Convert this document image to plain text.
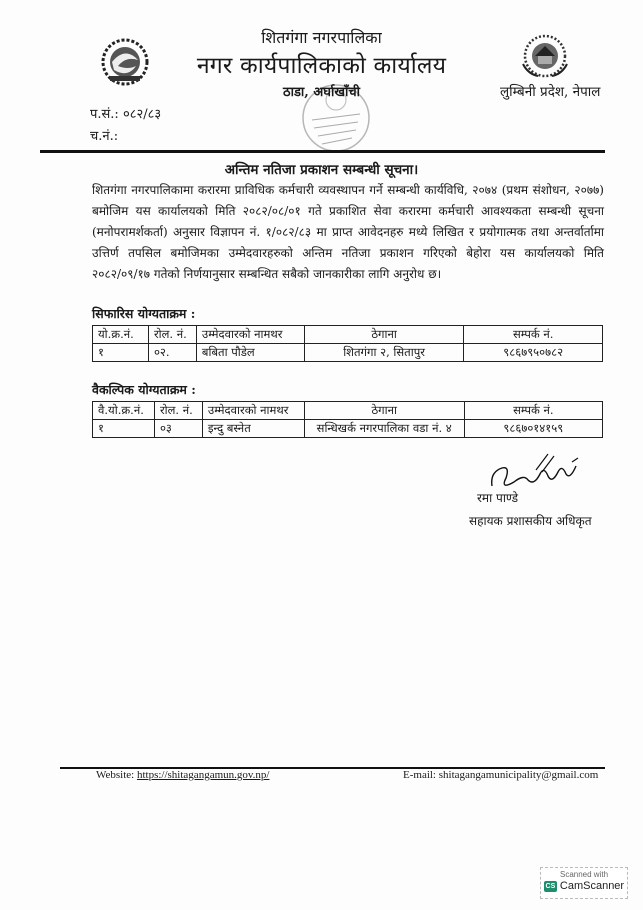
शितगंगा नगरपालिका
नगर कार्यपालिकाको कार्यालय
ठाडा, अर्घाखाँची	लुम्बिनी प्रदेश, नेपाल
प.सं.: ०८२/८३
च.नं.:
अन्तिम नतिजा प्रकाशन सम्बन्धी सूचना।
शितगंगा नगरपालिकामा करारमा प्राविधिक कर्मचारी व्यवस्थापन गर्ने सम्बन्धी कार्यविधि, २०७४ (प्रथम संशोधन, २०७७) बमोजिम यस कार्यालयको मिति २०८२/०८/०१ गते प्रकाशित सेवा करारमा कर्मचारी आवश्यकता सम्बन्धी सूचना (मनोपरामर्शकर्ता) अनुसार विज्ञापन नं. १/०८२/८३ मा प्राप्त आवेदनहरु मध्ये लिखित र प्रयोगात्मक तथा अन्तर्वार्तामा उत्तिर्ण तपसिल बमोजिमका उम्मेदवारहरुको अन्तिम नतिजा प्रकाशन गरिएको बेहोरा यस कार्यालयको मिति २०८२/०९/१७ गतेको निर्णयानुसार सम्बन्धित सबैको जानकारीका लागि अनुरोध छ।
सिफारिस योग्यताक्रम :
यो.क्र.नं.	रोल. नं.	उम्मेदवारको नामथर	ठेगाना	सम्पर्क नं.
१	०२.	बबिता पौडेल	शितगंगा २, सितापुर	९८६७९५०७८२
वैकल्पिक योग्यताक्रम :
वै.यो.क्र.नं.	रोल. नं.	उम्मेदवारको नामथर	ठेगाना	सम्पर्क नं.
१	०३	इन्दु बस्नेत	सन्धिखर्क नगरपालिका वडा नं. ४	९८६७०१४१५९
रमा पाण्डे
सहायक प्रशासकीय अधिकृत
Website: https://shitagangamun.gov.np/	E-mail: shitagangamunicipality@gmail.com
Scanned with
CS CamScanner
